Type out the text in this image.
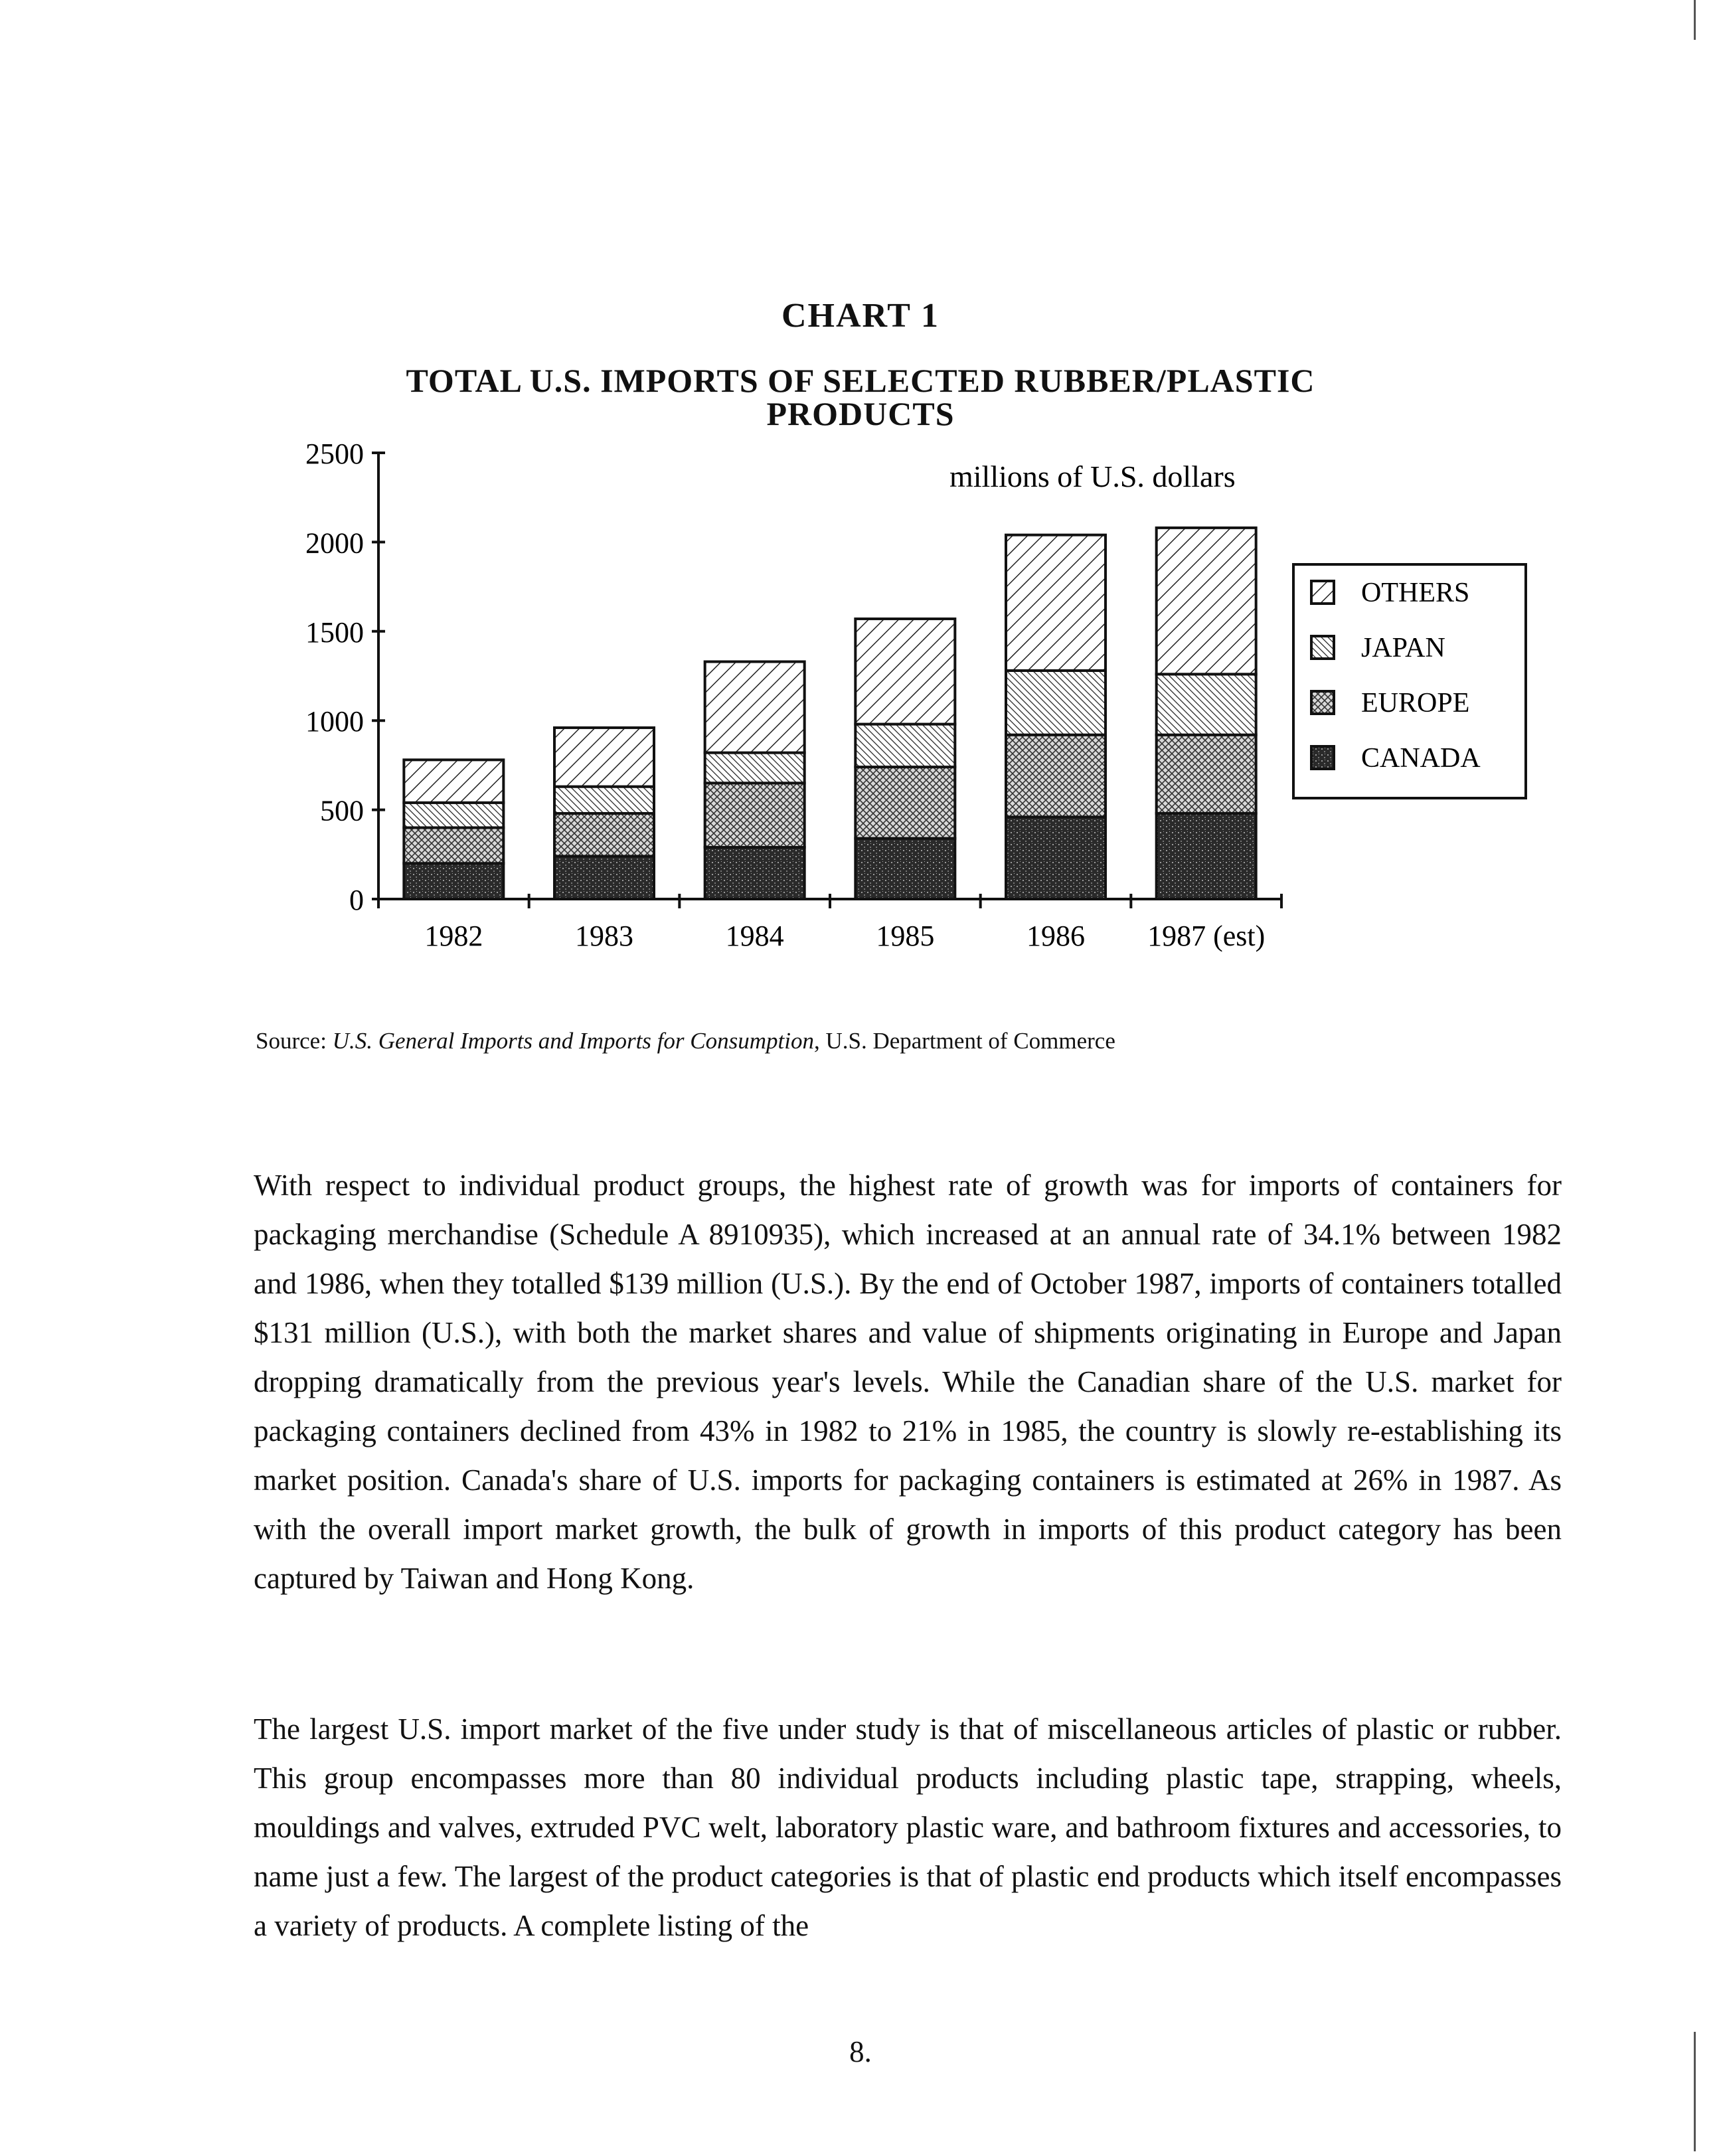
CHART 1
TOTAL U.S. IMPORTS OF SELECTED RUBBER/PLASTIC
PRODUCTS
millions of U.S. dollars
0
500
1000
1500
2000
2500
1982	1983	1984	1985	1986 1987 (est)
OTHERS
JAPAN
EUROPE
CANADA
Source: U.S. General Imports and Imports for Consumption, U.S. Department of Commerce

With respect to individual product groups, the highest rate of growth was for imports of containers for packaging merchandise (Schedule A 8910935), which increased at an annual rate of 34.1% between 1982 and 1986, when they totalled $139 million (U.S.). By the end of October 1987, imports of containers totalled $131 million (U.S.), with both the market shares and value of shipments originating in Europe and Japan dropping dramatically from the previous year's levels. While the Canadian share of the U.S. market for packaging containers declined from 43% in 1982 to 21% in 1985, the country is slowly re-establishing its market position. Canada's share of U.S. imports for packaging containers is estimated at 26% in 1987. As with the overall import market growth, the bulk of growth in imports of this product category has been captured by Taiwan and Hong Kong.

The largest U.S. import market of the five under study is that of miscellaneous articles of plastic or rubber. This group encompasses more than 80 individual products including plastic tape, strapping, wheels, mouldings and valves, extruded PVC welt, laboratory plastic ware, and bathroom fixtures and accessories, to name just a few. The largest of the product categories is that of plastic end products which itself encompasses a variety of products. A complete listing of the

8.
